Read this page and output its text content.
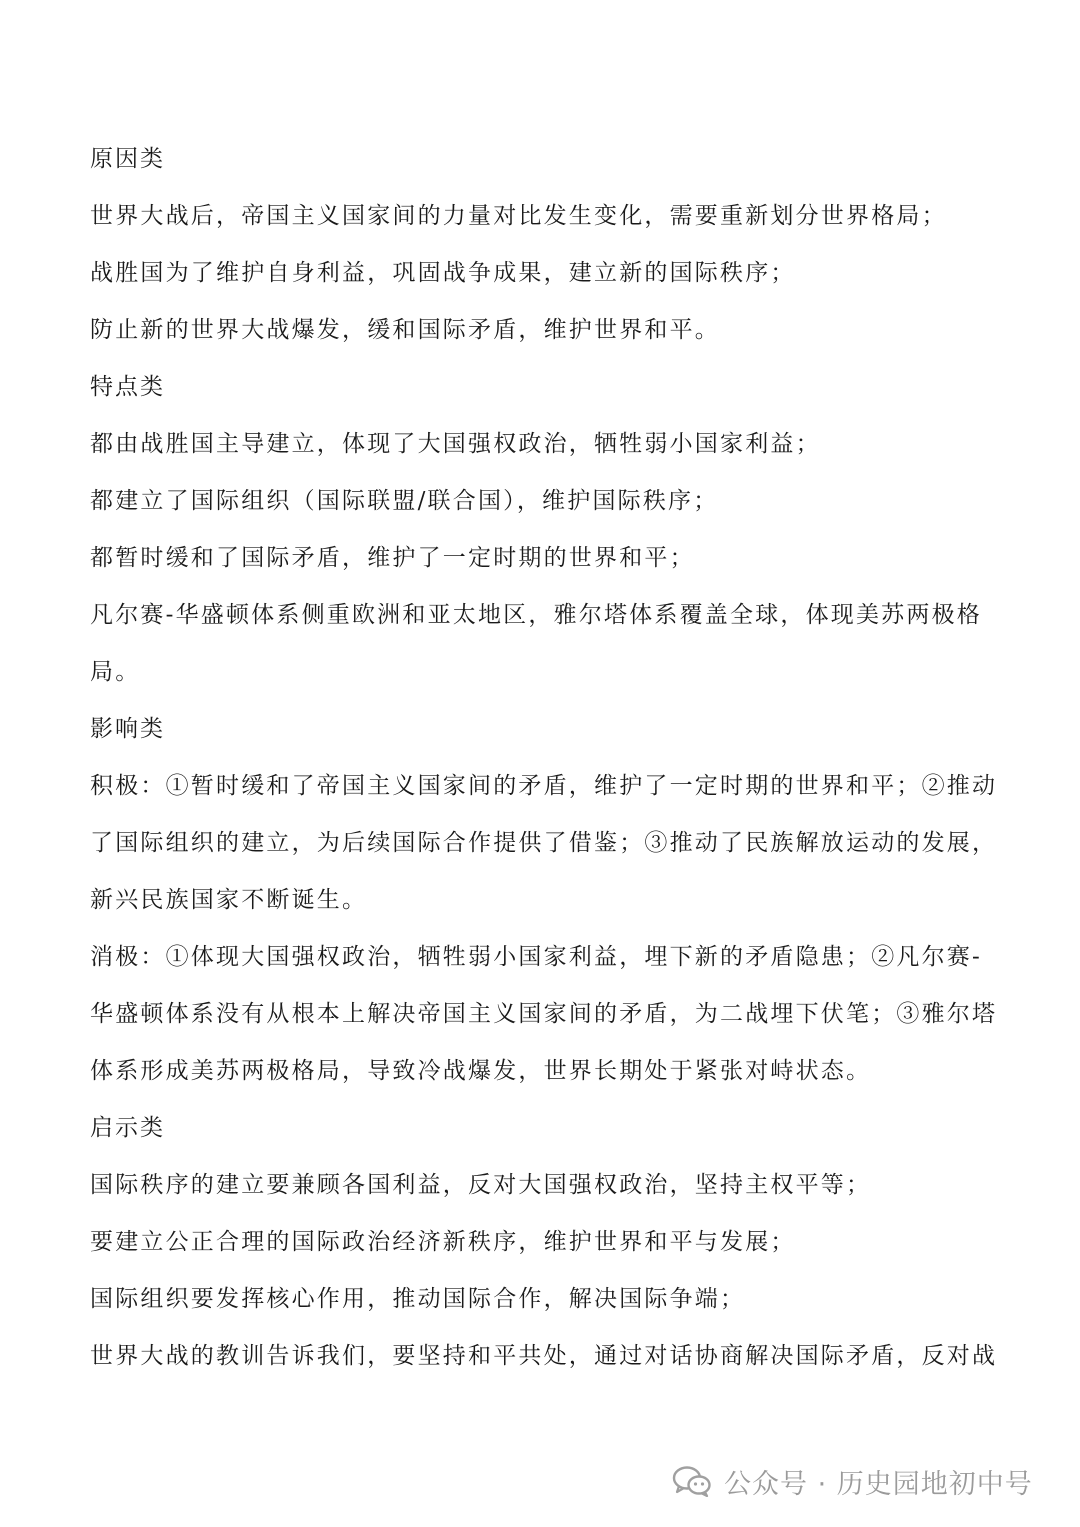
原因类
世界大战后，帝国主义国家间的力量对比发生变化，需要重新划分世界格局；
战胜国为了维护自身利益，巩固战争成果，建立新的国际秩序；
防止新的世界大战爆发，缓和国际矛盾，维护世界和平。
特点类
都由战胜国主导建立，体现了大国强权政治，牺牲弱小国家利益；
都建立了国际组织（国际联盟/联合国），维护国际秩序；
都暂时缓和了国际矛盾，维护了一定时期的世界和平；
凡尔赛-华盛顿体系侧重欧洲和亚太地区，雅尔塔体系覆盖全球，体现美苏两极格
局。
影响类
积极：①暂时缓和了帝国主义国家间的矛盾，维护了一定时期的世界和平；②推动
了国际组织的建立，为后续国际合作提供了借鉴；③推动了民族解放运动的发展，
新兴民族国家不断诞生。
消极：①体现大国强权政治，牺牲弱小国家利益，埋下新的矛盾隐患；②凡尔赛-
华盛顿体系没有从根本上解决帝国主义国家间的矛盾，为二战埋下伏笔；③雅尔塔
体系形成美苏两极格局，导致冷战爆发，世界长期处于紧张对峙状态。
启示类
国际秩序的建立要兼顾各国利益，反对大国强权政治，坚持主权平等；
要建立公正合理的国际政治经济新秩序，维护世界和平与发展；
国际组织要发挥核心作用，推动国际合作，解决国际争端；
世界大战的教训告诉我们，要坚持和平共处，通过对话协商解决国际矛盾，反对战
公众号 · 历史园地初中号
